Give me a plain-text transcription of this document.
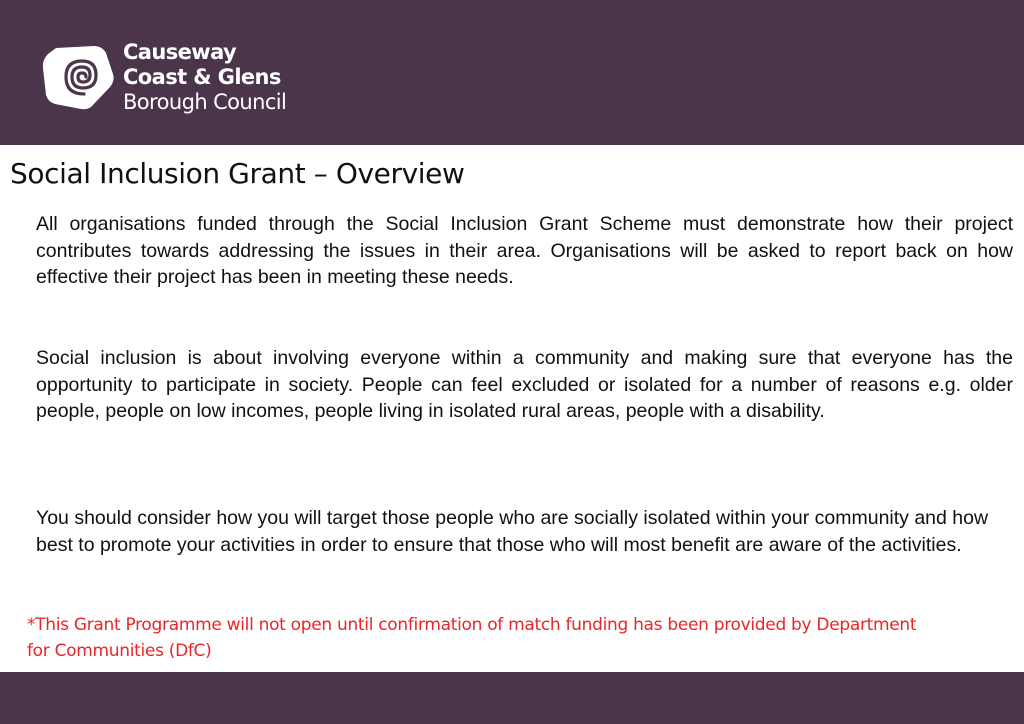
Causeway
Coast & Glens
Borough Council
Social Inclusion Grant – Overview

All organisations funded through the Social Inclusion Grant Scheme must demonstrate how their project contributes towards addressing the issues in their area. Organisations will be asked to report back on how effective their project has been in meeting these needs.

Social inclusion is about involving everyone within a community and making sure that everyone has the opportunity to participate in society. People can feel excluded or isolated for a number of reasons e.g. older people, people on low incomes, people living in isolated rural areas, people with a disability.

You should consider how you will target those people who are socially isolated within your community and how best to promote your activities in order to ensure that those who will most benefit are aware of the activities.

*This Grant Programme will not open until confirmation of match funding has been provided by Department for Communities (DfC)
